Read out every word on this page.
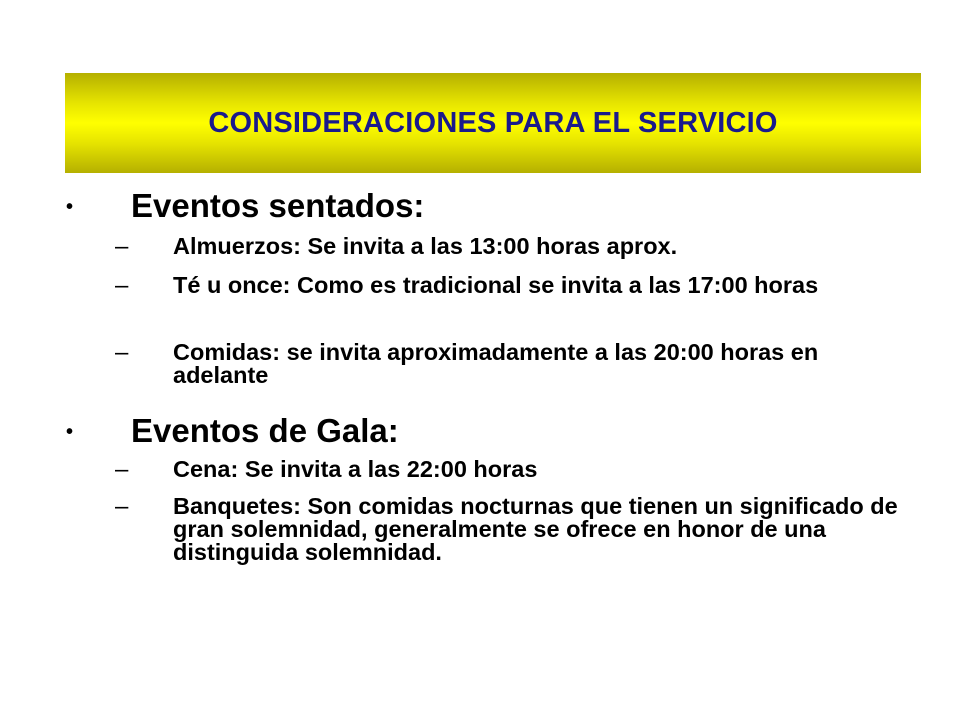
CONSIDERACIONES PARA EL SERVICIO
• Eventos sentados:
– Almuerzos: Se invita a las 13:00 horas aprox.
– Té u once: Como es tradicional se invita a las 17:00 horas
– Comidas: se invita aproximadamente a las 20:00 horas en adelante
• Eventos de Gala:
– Cena: Se invita a las 22:00 horas
– Banquetes: Son comidas nocturnas que tienen un significado de gran solemnidad, generalmente se ofrece en honor de una distinguida solemnidad.
